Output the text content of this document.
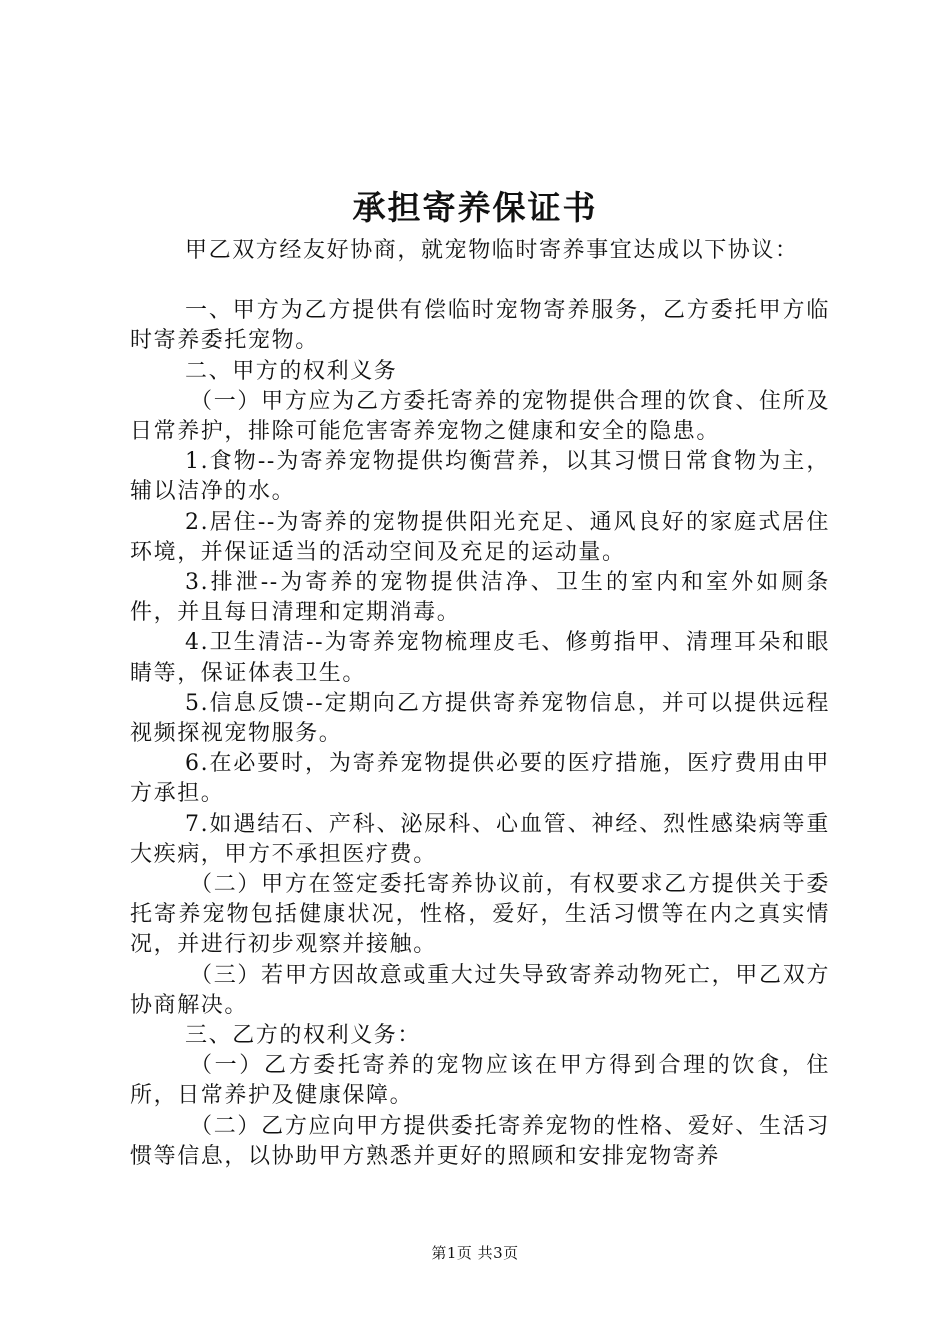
承担寄养保证书

甲乙双方经友好协商，就宠物临时寄养事宜达成以下协议：

一、甲方为乙方提供有偿临时宠物寄养服务，乙方委托甲方临时寄养委托宠物。

二、甲方的权利义务

（一）甲方应为乙方委托寄养的宠物提供合理的饮食、住所及日常养护，排除可能危害寄养宠物之健康和安全的隐患。

1.食物--为寄养宠物提供均衡营养，以其习惯日常食物为主，辅以洁净的水。

2.居住--为寄养的宠物提供阳光充足、通风良好的家庭式居住环境，并保证适当的活动空间及充足的运动量。

3.排泄--为寄养的宠物提供洁净、卫生的室内和室外如厕条件，并且每日清理和定期消毒。

4.卫生清洁--为寄养宠物梳理皮毛、修剪指甲、清理耳朵和眼睛等，保证体表卫生。

5.信息反馈--定期向乙方提供寄养宠物信息，并可以提供远程视频探视宠物服务。

6.在必要时，为寄养宠物提供必要的医疗措施，医疗费用由甲方承担。

7.如遇结石、产科、泌尿科、心血管、神经、烈性感染病等重大疾病，甲方不承担医疗费。

（二）甲方在签定委托寄养协议前，有权要求乙方提供关于委托寄养宠物包括健康状况，性格，爱好，生活习惯等在内之真实情况，并进行初步观察并接触。

（三）若甲方因故意或重大过失导致寄养动物死亡，甲乙双方协商解决。

三、乙方的权利义务：

（一）乙方委托寄养的宠物应该在甲方得到合理的饮食，住所，日常养护及健康保障。

（二）乙方应向甲方提供委托寄养宠物的性格、爱好、生活习惯等信息，以协助甲方熟悉并更好的照顾和安排宠物寄养

第1页 共3页
